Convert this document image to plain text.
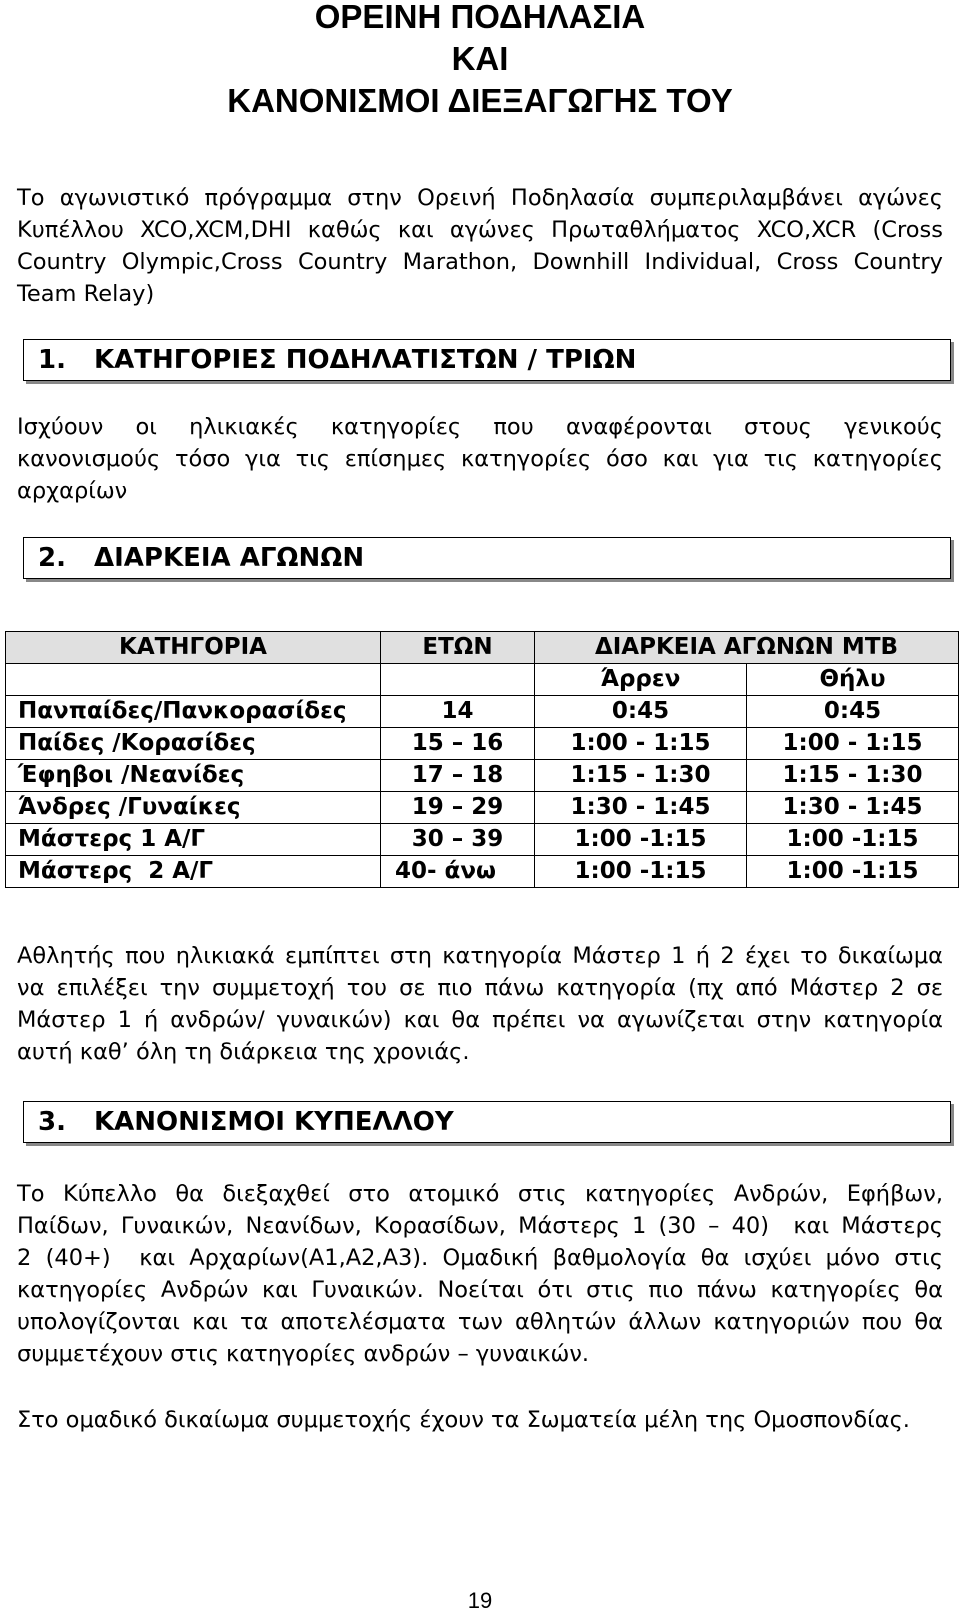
ΟΡΕΙΝΗ ΠΟΔΗΛΑΣΙΑ
ΚΑΙ
ΚΑΝΟΝΙΣΜΟΙ ΔΙΕΞΑΓΩΓΗΣ ΤΟΥ
Το αγωνιστικό πρόγραμμα στην Ορεινή Ποδηλασία συμπεριλαμβάνει αγώνες
Κυπέλλου XCO,XCM,DHI καθώς και αγώνες Πρωταθλήματος XCO,XCR (Cross
Country Olympic,Cross Country Marathon, Downhill Individual, Cross Country
Team Relay)
1. ΚΑΤΗΓΟΡΙΕΣ ΠΟΔΗΛΑΤΙΣΤΩΝ / ΤΡΙΩΝ
Ισχύουν οι ηλικιακές κατηγορίες που αναφέρονται στους γενικούς
κανονισμούς τόσο για τις επίσημες κατηγορίες όσο και για τις κατηγορίες
αρχαρίων
2. ΔΙΑΡΚΕΙΑ ΑΓΩΝΩΝ
ΚΑΤΗΓΟΡΙΑ	ΕΤΩΝ	ΔΙΑΡΚΕΙΑ ΑΓΩΝΩΝ ΜΤΒ	
		Άρρεν	Θήλυ
Πανπαίδες/Πανκορασίδες	14	0:45	0:45
Παίδες /Κορασίδες	15 – 16	1:00 - 1:15	1:00 - 1:15
Έφηβοι /Νεανίδες	17 – 18	1:15 - 1:30	1:15 - 1:30
Άνδρες /Γυναίκες	19 – 29	1:30 - 1:45	1:30 - 1:45
Μάστερς 1 Α/Γ	30 – 39	1:00 -1:15	1:00 -1:15
Μάστερς  2 Α/Γ	40- άνω	1:00 -1:15	1:00 -1:15
Αθλητής που ηλικιακά εμπίπτει στη κατηγορία Μάστερ 1 ή 2 έχει το δικαίωμα
να επιλέξει την συμμετοχή του σε πιο πάνω κατηγορία (πχ από Μάστερ 2 σε
Μάστερ 1 ή ανδρών/ γυναικών) και θα πρέπει να αγωνίζεται στην κατηγορία
αυτή καθ’ όλη τη διάρκεια της χρονιάς.
3. ΚΑΝΟΝΙΣΜΟΙ ΚΥΠΕΛΛΟΥ
Το Κύπελλο θα διεξαχθεί στο ατομικό στις κατηγορίες Ανδρών, Εφήβων,
Παίδων, Γυναικών, Νεανίδων, Κορασίδων, Μάστερς 1 (30 – 40)  και Μάστερς
2 (40+)  και Αρχαρίων(Α1,Α2,Α3). Ομαδική βαθμολογία θα ισχύει μόνο στις
κατηγορίες Ανδρών και Γυναικών. Νοείται ότι στις πιο πάνω κατηγορίες θα
υπολογίζονται και τα αποτελέσματα των αθλητών άλλων κατηγοριών που θα
συμμετέχουν στις κατηγορίες ανδρών – γυναικών.
Στο ομαδικό δικαίωμα συμμετοχής έχουν τα Σωματεία μέλη της Ομοσπονδίας.
19
